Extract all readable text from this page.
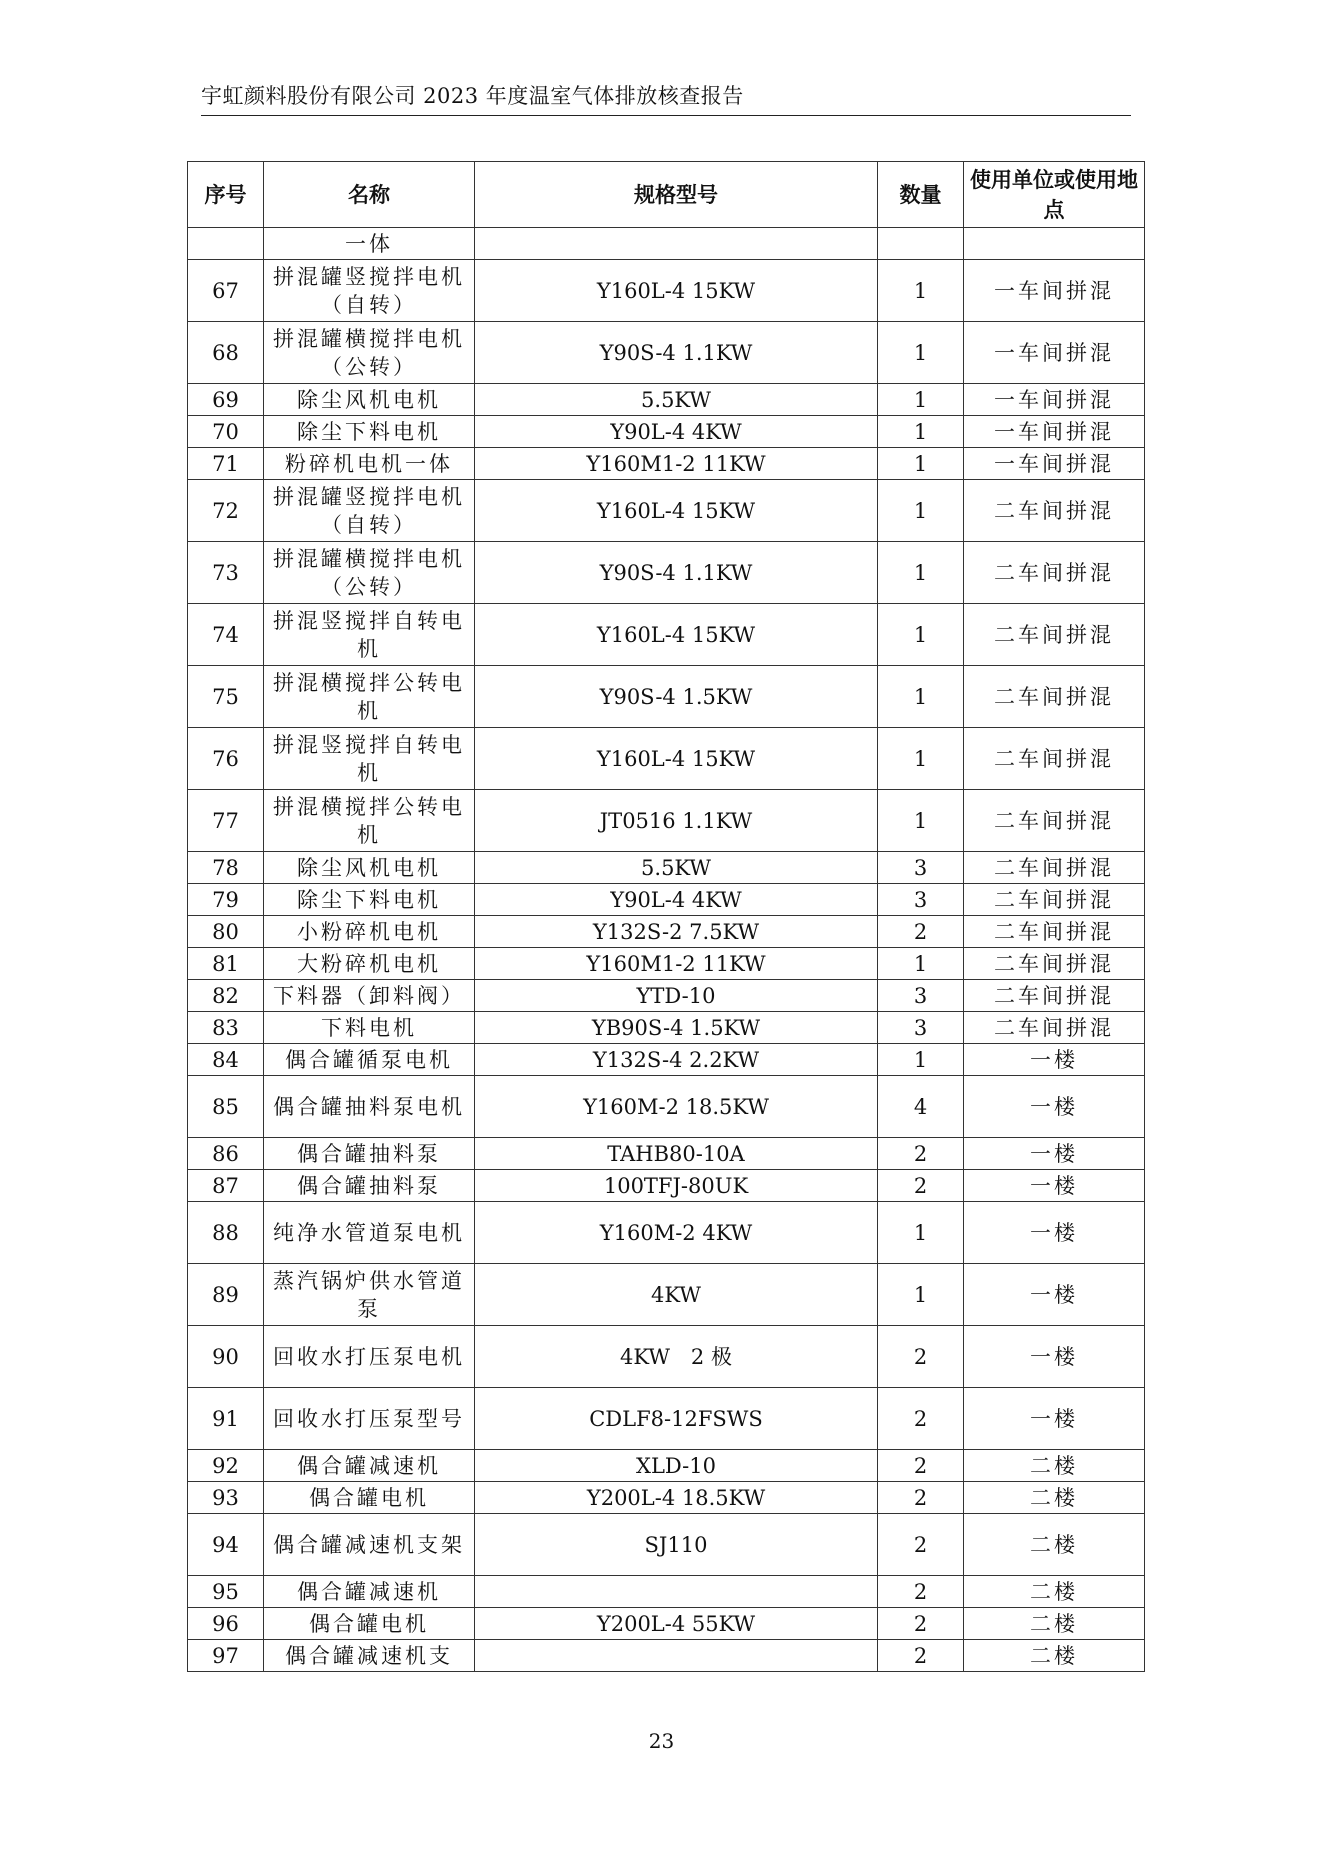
宇虹颜料股份有限公司 2023 年度温室气体排放核查报告
序号	名称	规格型号	数量	使用单位或使用地点
	一体			
67	拼混罐竖搅拌电机（自转）	Y160L-4 15KW	1	一车间拼混
68	拼混罐横搅拌电机（公转）	Y90S-4 1.1KW	1	一车间拼混
69	除尘风机电机	5.5KW	1	一车间拼混
70	除尘下料电机	Y90L-4 4KW	1	一车间拼混
71	粉碎机电机一体	Y160M1-2 11KW	1	一车间拼混
72	拼混罐竖搅拌电机（自转）	Y160L-4 15KW	1	二车间拼混
73	拼混罐横搅拌电机（公转）	Y90S-4 1.1KW	1	二车间拼混
74	拼混竖搅拌自转电机	Y160L-4 15KW	1	二车间拼混
75	拼混横搅拌公转电机	Y90S-4 1.5KW	1	二车间拼混
76	拼混竖搅拌自转电机	Y160L-4 15KW	1	二车间拼混
77	拼混横搅拌公转电机	JT0516 1.1KW	1	二车间拼混
78	除尘风机电机	5.5KW	3	二车间拼混
79	除尘下料电机	Y90L-4 4KW	3	二车间拼混
80	小粉碎机电机	Y132S-2 7.5KW	2	二车间拼混
81	大粉碎机电机	Y160M1-2 11KW	1	二车间拼混
82	下料器（卸料阀）	YTD-10	3	二车间拼混
83	下料电机	YB90S-4 1.5KW	3	二车间拼混
84	偶合罐循泵电机	Y132S-4 2.2KW	1	一楼
85	偶合罐抽料泵电机	Y160M-2 18.5KW	4	一楼
86	偶合罐抽料泵	TAHB80-10A	2	一楼
87	偶合罐抽料泵	100TFJ-80UK	2	一楼
88	纯净水管道泵电机	Y160M-2 4KW	1	一楼
89	蒸汽锅炉供水管道泵	4KW	1	一楼
90	回收水打压泵电机	4KW　2 极	2	一楼
91	回收水打压泵型号	CDLF8-12FSWS	2	一楼
92	偶合罐减速机	XLD-10	2	二楼
93	偶合罐电机	Y200L-4 18.5KW	2	二楼
94	偶合罐减速机支架	SJ110	2	二楼
95	偶合罐减速机		2	二楼
96	偶合罐电机	Y200L-4 55KW	2	二楼
97	偶合罐减速机支		2	二楼
23
